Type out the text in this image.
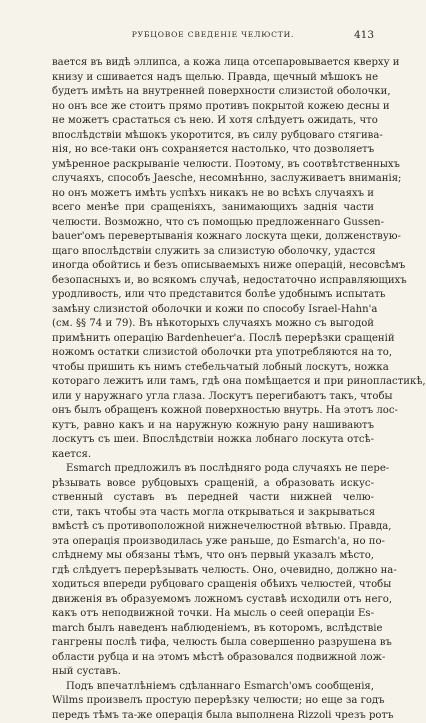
РУБЦОВОЕ СВЕДЕНІЕ ЧЕЛЮСТИ.	413
вается въ видѣ эллипса, а кожа лица отсепаровывается кверху и
книзу и сшивается надъ щелью. Правда, щечный мѣшокъ не
будетъ имѣть на внутренней поверхности слизистой оболочки,
но онъ все же стоитъ прямо противъ покрытой кожею десны и
не можетъ срастаться съ нею. И хотя слѣдуетъ ожидать, что
впослѣдствіи мѣшокъ укоротится, въ силу рубцоваго стягива-
нія, но все-таки онъ сохраняется настолько, что дозволяетъ
умѣренное раскрываніе челюсти. Поэтому, въ соотвѣтственныхъ
случаяхъ, способъ Jaesche, несомнѣнно, заслуживаетъ вниманія;
но онъ можетъ имѣть успѣхъ никакъ не во всѣхъ случаяхъ и
всего менѣе при сращеніяхъ, занимающихъ заднія части
челюсти. Возможно, что съ помощью предложеннаго Gussen-
bauer'омъ перевертыванія кожнаго лоскута щеки, долженствую-
щаго впослѣдствіи служить за слизистую оболочку, удастся
иногда обойтись и безъ описываемыхъ ниже операцій, несовсѣмъ
безопасныхъ и, во всякомъ случаѣ, недостаточно исправляющихъ
уродливость, или что представится болѣе удобнымъ испытать
замѣну слизистой оболочки и кожи по способу Israel-Hahn'а
(см. §§ 74 и 79). Въ нѣкоторыхъ случаяхъ можно съ выгодой
примѣнить операцію Bardenheuer'а. Послѣ перерѣзки сращеній
ножомъ остатки слизистой оболочки рта употребляются на то,
чтобы пришить къ нимъ стебельчатый лобный лоскутъ, ножка
котораго лежитъ или тамъ, гдѣ она помѣщается и при ринопластикѣ,
или у наружнаго угла глаза. Лоскутъ перегибаютъ такъ, чтобы
онъ былъ обращенъ кожной поверхностью внутрь. На этотъ лос-
кутъ, равно какъ и на наружную кожную рану нашиваютъ
лоскутъ съ шеи. Впослѣдствіи ножка лобнаго лоскута отсѣ-
кается.
Esmarch предложилъ въ послѣдняго рода случаяхъ не пере-
рѣзывать вовсе рубцовыхъ сращеній, а образовать искус-
ственный суставъ въ передней части нижней челю-
сти, такъ чтобы эта часть могла открываться и закрываться
вмѣстѣ съ противоположной нижнечелюстной вѣтвью. Правда,
эта операція производилась уже раньше, до Esmarch'а, но по-
слѣднему мы обязаны тѣмъ, что онъ первый указалъ мѣсто,
гдѣ слѣдуетъ перерѣзывать челюсть. Оно, очевидно, должно на-
ходиться впереди рубцоваго сращенія обѣихъ челюстей, чтобы
движенія въ образуемомъ ложномъ суставѣ исходили отъ него,
какъ отъ неподвижной точки. На мысль о сеей операціи Es-
march былъ наведенъ наблюденіемъ, въ которомъ, вслѣдствіе
гангрены послѣ тифа, челюсть была совершенно разрушена въ
области рубца и на этомъ мѣстѣ образовался подвижной лож-
ный суставъ.
Подъ впечатлѣніемъ сдѣланнаго Esmarch'омъ сообщенія,
Wilms произвелъ простую перерѣзку челюсти; но еще за годъ
передъ тѣмъ та-же операція была выполнена Rizzoli чрезъ ротъ
